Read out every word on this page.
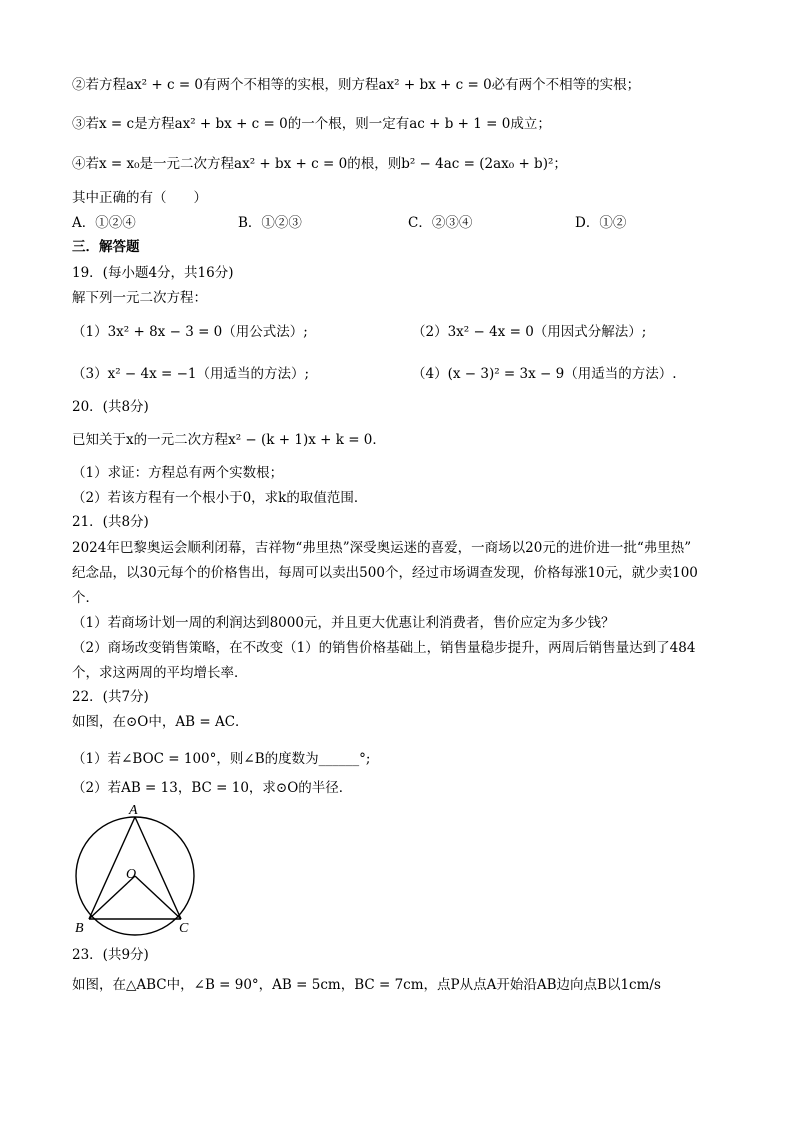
②若方程ax² + c = 0有两个不相等的实根，则方程ax² + bx + c = 0必有两个不相等的实根；
③若x = c是方程ax² + bx + c = 0的一个根，则一定有ac + b + 1 = 0成立；
④若x = x₀是一元二次方程ax² + bx + c = 0的根，则b² − 4ac = (2ax₀ + b)²；
其中正确的有（　　）
A．①②④	B．①②③	C．②③④	D．①②
三．解答题
19．(每小题4分，共16分)
解下列一元二次方程：
（1）3x² + 8x − 3 = 0（用公式法）;	（2）3x² − 4x = 0（用因式分解法）;
（3）x² − 4x = −1（用适当的方法）;	（4）(x − 3)² = 3x − 9（用适当的方法）.
20．(共8分)
已知关于x的一元二次方程x² − (k + 1)x + k = 0．
（1）求证：方程总有两个实数根；
（2）若该方程有一个根小于0，求k的取值范围．
21．(共8分)
2024年巴黎奥运会顺利闭幕，吉祥物“弗里热”深受奥运迷的喜爱，一商场以20元的进价进一批“弗里热”
纪念品，以30元每个的价格售出，每周可以卖出500个，经过市场调查发现，价格每涨10元，就少卖100
个．
（1）若商场计划一周的利润达到8000元，并且更大优惠让利消费者，售价应定为多少钱？
（2）商场改变销售策略，在不改变（1）的销售价格基础上，销售量稳步提升，两周后销售量达到了484
个，求这两周的平均增长率．
22．(共7分)
如图，在⊙O中，AB = AC．
（1）若∠BOC = 100°，则∠B的度数为______°;
（2）若AB = 13，BC = 10，求⊙O的半径．
A
O
B	C
23．(共9分)
如图，在△ABC中，∠B = 90°，AB = 5cm，BC = 7cm，点P从点A开始沿AB边向点B以1cm/s
